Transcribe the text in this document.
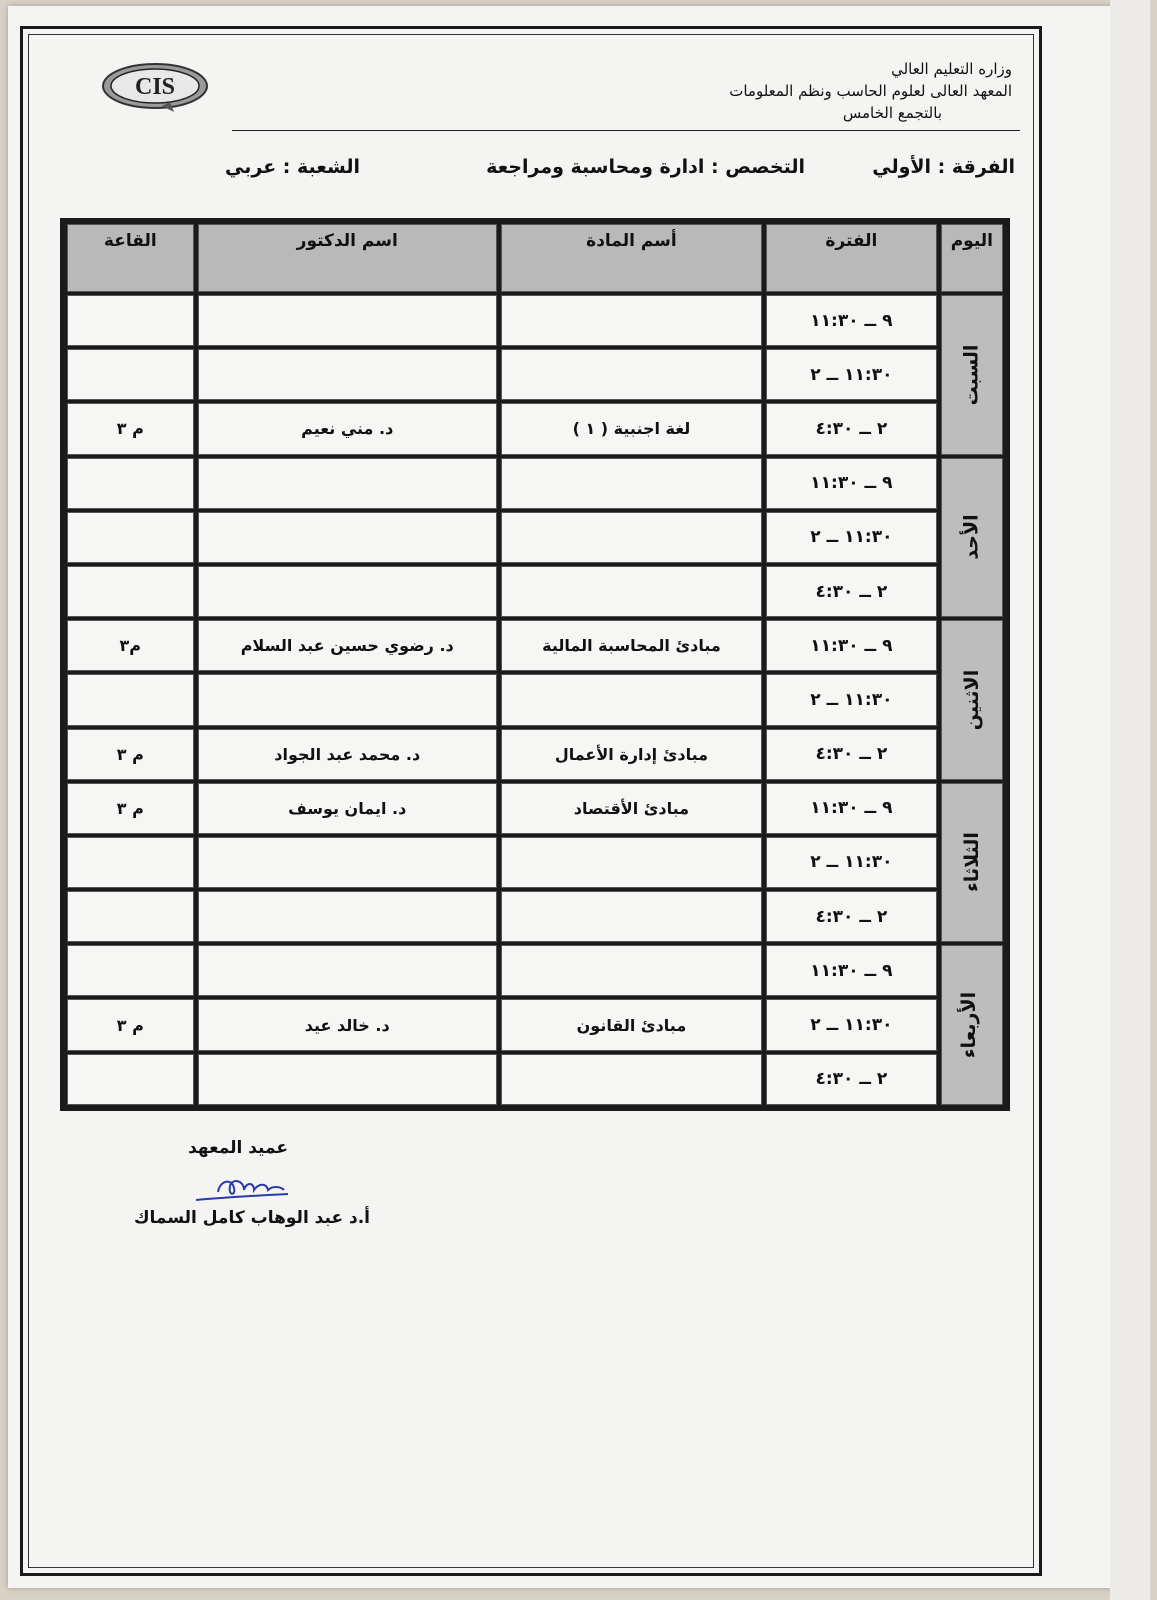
CIS
وزاره التعليم العالي
المعهد العالى لعلوم الحاسب ونظم المعلومات
بالتجمع الخامس
الفرقة : الأولي
التخصص : ادارة ومحاسبة ومراجعة
الشعبة : عربي
اليوم	الفترة	أسم المادة	اسم الدكتور	القاعة
السبت	٩ ــ ١١:٣٠			
	١١:٣٠ ــ ٢			
	٢ ــ ٤:٣٠	لغة اجنبية ( ١ )	د. مني نعيم	م ٣
الأحد	٩ ــ ١١:٣٠			
	١١:٣٠ ــ ٢			
	٢ ــ ٤:٣٠			
الاثنين	٩ ــ ١١:٣٠	مبادئ المحاسبة المالية	د. رضوي حسين عبد السلام	م٣
	١١:٣٠ ــ ٢			
	٢ ــ ٤:٣٠	مبادئ إدارة الأعمال	د. محمد عبد الجواد	م ٣
الثلاثاء	٩ ــ ١١:٣٠	مبادئ الأقتصاد	د. ايمان يوسف	م ٣
	١١:٣٠ ــ ٢			
	٢ ــ ٤:٣٠			
الأربعاء	٩ ــ ١١:٣٠			
	١١:٣٠ ــ ٢	مبادئ القانون	د. خالد عيد	م ٣
	٢ ــ ٤:٣٠			
عميد المعهد
أ.د عبد الوهاب كامل السماك
